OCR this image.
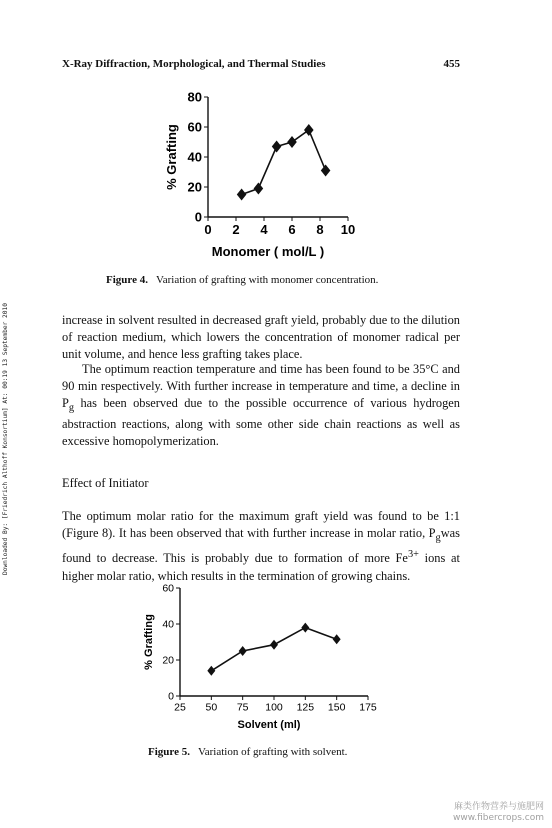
X-Ray Diffraction, Morphological, and Thermal Studies	455
Downloaded By: [Friedrich Althoff Konsortium] At: 00:19 13 September 2010
0 2 4 6 8 10
0
20
40
60
80
Monomer ( mol/L )
% Grafting
Figure 4. Variation of grafting with monomer concentration.
increase in solvent resulted in decreased graft yield, probably due to the dilution of reaction medium, which lowers the concentration of monomer radical per unit volume, and hence less grafting takes place.
The optimum reaction temperature and time has been found to be 35°C and 90 min respectively. With further increase in temperature and time, a decline in $P_g$ has been observed due to the possible occurrence of various hydrogen abstraction reactions, along with some other side chain reactions as well as excessive homopolymerization.
Effect of Initiator
The optimum molar ratio for the maximum graft yield was found to be 1:1 (Figure 8). It has been observed that with further increase in molar ratio, $P_gwas$ found to decrease. This is probably due to formation of more $Fe^{3+}$ ions at higher molar ratio, which results in the termination of growing chains.
25 50 75 100 125 150 175
0
20
40
60
Solvent (ml)
% Grafting
Figure 5. Variation of grafting with solvent.
麻类作物营养与施肥网
www.fibercrops.com
